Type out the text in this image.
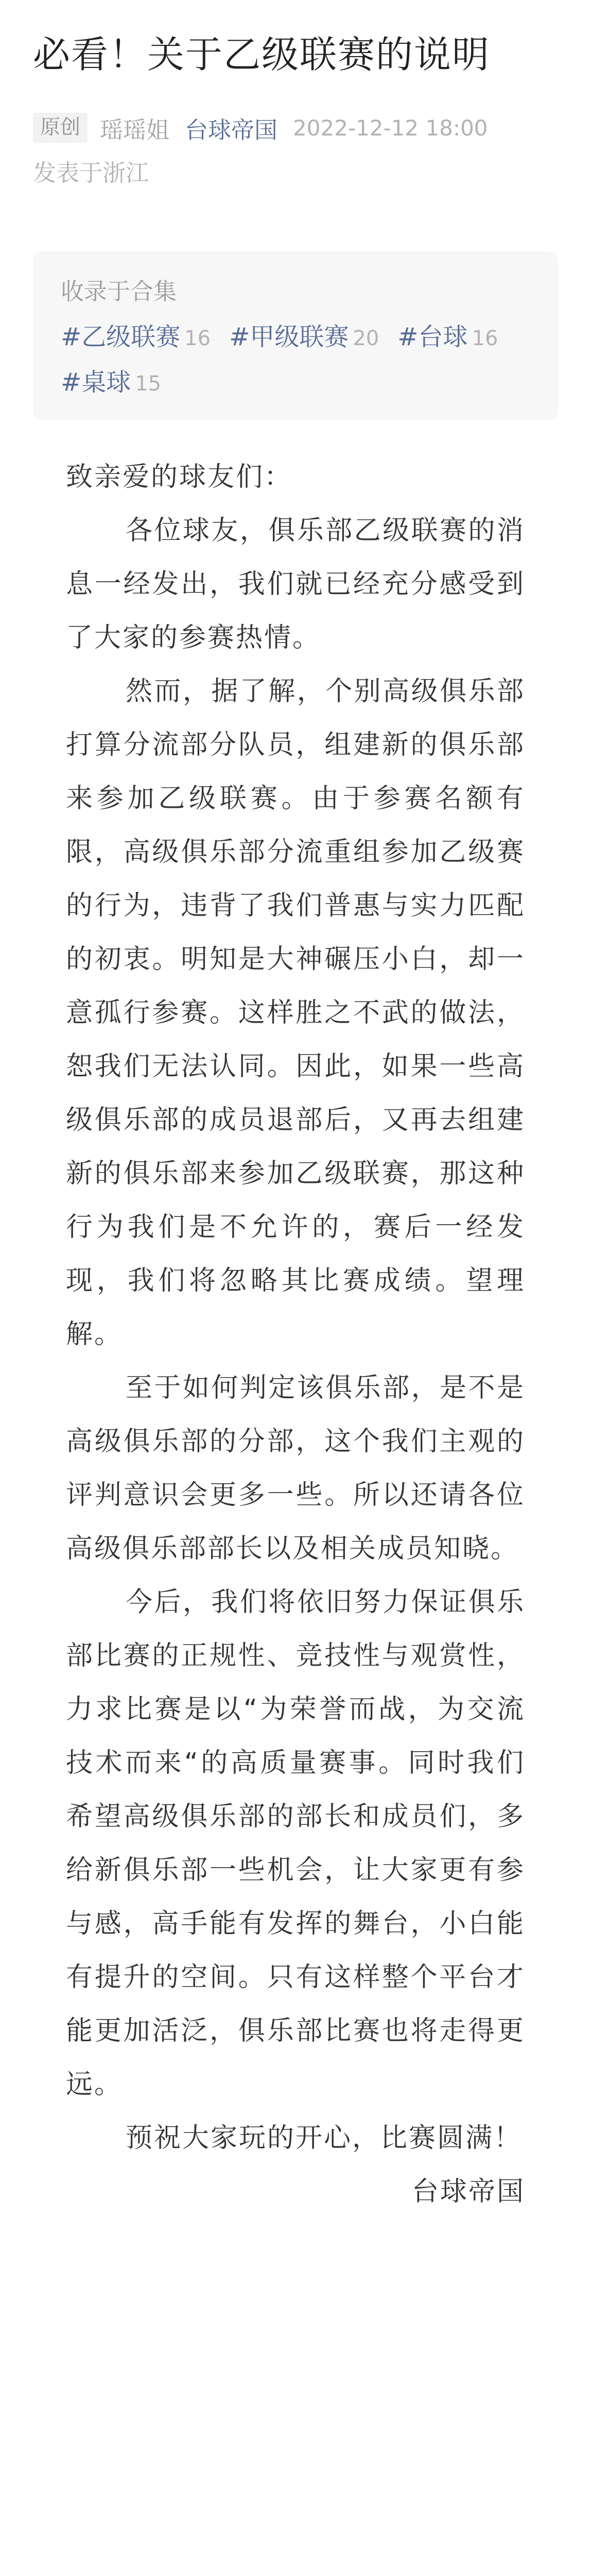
必看！关于乙级联赛的说明
原创 瑶瑶姐 台球帝国 2022-12-12 18:00
发表于浙江
收录于合集
#乙级联赛 16 #甲级联赛 20 #台球 16
#桌球 15

致亲爱的球友们：

各位球友，俱乐部乙级联赛的消息一经发出，我们就已经充分感受到了大家的参赛热情。

然而，据了解，个别高级俱乐部打算分流部分队员，组建新的俱乐部来参加乙级联赛。由于参赛名额有限，高级俱乐部分流重组参加乙级赛的行为，违背了我们普惠与实力匹配的初衷。明知是大神碾压小白，却一意孤行参赛。这样胜之不武的做法，恕我们无法认同。因此，如果一些高级俱乐部的成员退部后，又再去组建新的俱乐部来参加乙级联赛，那这种行为我们是不允许的，赛后一经发现，我们将忽略其比赛成绩。望理解。

至于如何判定该俱乐部，是不是高级俱乐部的分部，这个我们主观的评判意识会更多一些。所以还请各位高级俱乐部部长以及相关成员知晓。

今后，我们将依旧努力保证俱乐部比赛的正规性、竞技性与观赏性，力求比赛是以“为荣誉而战，为交流技术而来“的高质量赛事。同时我们希望高级俱乐部的部长和成员们，多给新俱乐部一些机会，让大家更有参与感，高手能有发挥的舞台，小白能有提升的空间。只有这样整个平台才能更加活泛，俱乐部比赛也将走得更远。

预祝大家玩的开心，比赛圆满！

台球帝国
